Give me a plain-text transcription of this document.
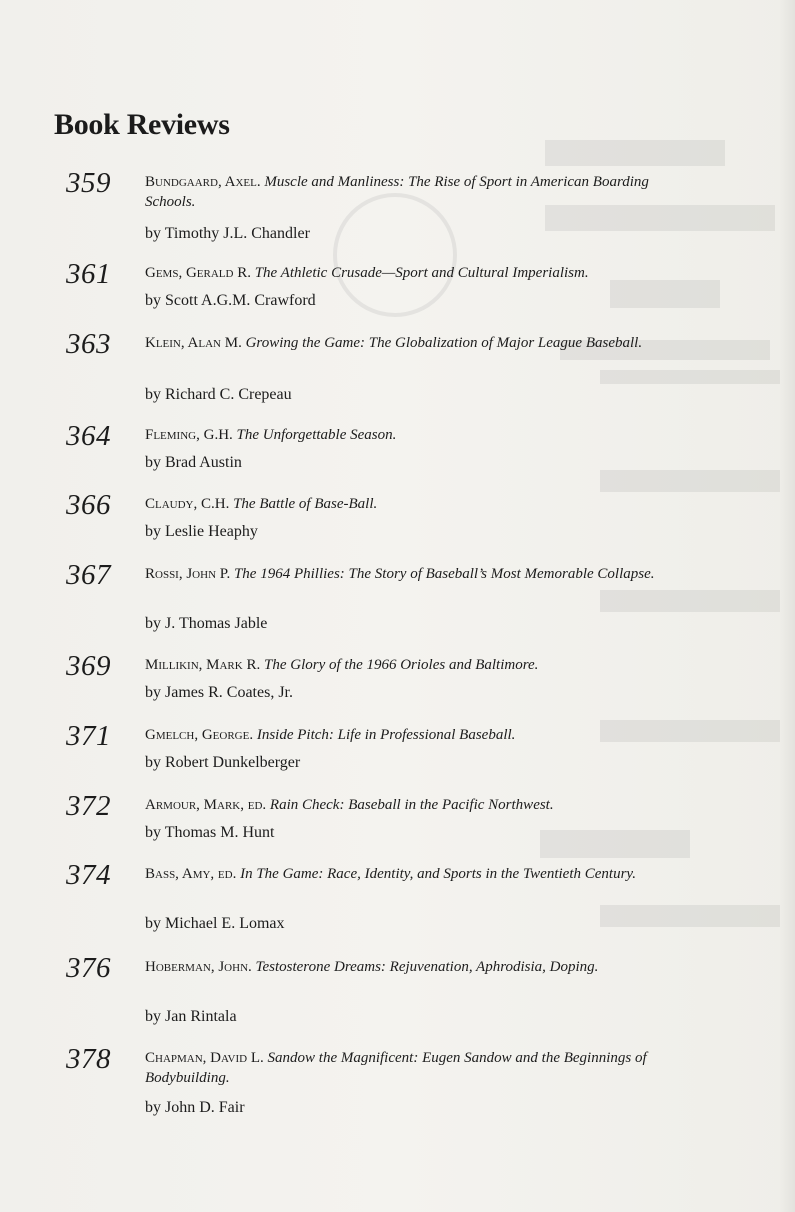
Book Reviews
359 Bundgaard, Axel. Muscle and Manliness: The Rise of Sport in American Boarding Schools.
by Timothy J.L. Chandler
361 Gems, Gerald R. The Athletic Crusade—Sport and Cultural Imperialism.
by Scott A.G.M. Crawford
363 Klein, Alan M. Growing the Game: The Globalization of Major League Baseball.
by Richard C. Crepeau
364 Fleming, G.H. The Unforgettable Season.
by Brad Austin
366 Claudy, C.H. The Battle of Base-Ball.
by Leslie Heaphy
367 Rossi, John P. The 1964 Phillies: The Story of Baseball’s Most Memorable Collapse.
by J. Thomas Jable
369 Millikin, Mark R. The Glory of the 1966 Orioles and Baltimore.
by James R. Coates, Jr.
371 Gmelch, George. Inside Pitch: Life in Professional Baseball.
by Robert Dunkelberger
372 Armour, Mark, ed. Rain Check: Baseball in the Pacific Northwest.
by Thomas M. Hunt
374 Bass, Amy, ed. In The Game: Race, Identity, and Sports in the Twentieth Century.
by Michael E. Lomax
376 Hoberman, John. Testosterone Dreams: Rejuvenation, Aphrodisia, Doping.
by Jan Rintala
378 Chapman, David L. Sandow the Magnificent: Eugen Sandow and the Beginnings of Bodybuilding.
by John D. Fair
